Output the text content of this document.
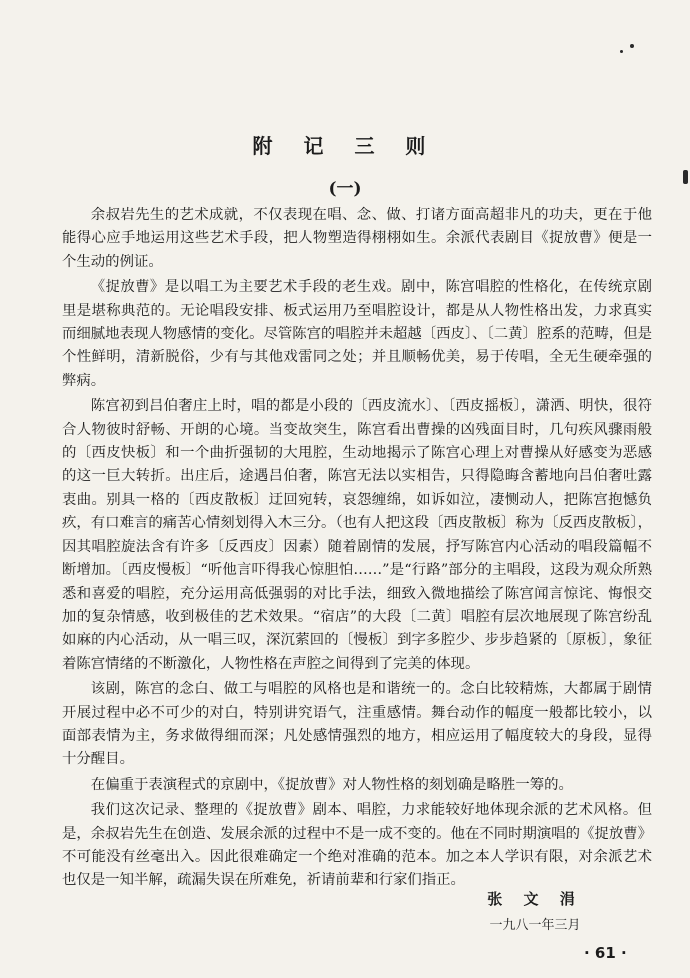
附 记 三 则
(一)

余叔岩先生的艺术成就，不仅表现在唱、念、做、打诸方面高超非凡的功夫，更在于他能得心应手地运用这些艺术手段，把人物塑造得栩栩如生。余派代表剧目《捉放曹》便是一个生动的例证。

《捉放曹》是以唱工为主要艺术手段的老生戏。剧中，陈宫唱腔的性格化，在传统京剧里是堪称典范的。无论唱段安排、板式运用乃至唱腔设计，都是从人物性格出发，力求真实而细腻地表现人物感情的变化。尽管陈宫的唱腔并未超越〔西皮〕、〔二黄〕腔系的范畴，但是个性鲜明，清新脱俗，少有与其他戏雷同之处；并且顺畅优美，易于传唱，全无生硬牵强的弊病。

陈宫初到吕伯奢庄上时，唱的都是小段的〔西皮流水〕、〔西皮摇板〕，潇洒、明快，很符合人物彼时舒畅、开朗的心境。当变故突生，陈宫看出曹操的凶残面目时，几句疾风骤雨般的〔西皮快板〕和一个曲折强韧的大甩腔，生动地揭示了陈宫心理上对曹操从好感变为恶感的这一巨大转折。出庄后，途遇吕伯奢，陈宫无法以实相告，只得隐晦含蓄地向吕伯奢吐露衷曲。别具一格的〔西皮散板〕迂回宛转，哀怨缠绵，如诉如泣，凄恻动人，把陈宫抱憾负疚，有口难言的痛苦心情刻划得入木三分。（也有人把这段〔西皮散板〕称为〔反西皮散板〕，因其唱腔旋法含有许多〔反西皮〕因素）随着剧情的发展，抒写陈宫内心活动的唱段篇幅不断增加。〔西皮慢板〕“听他言吓得我心惊胆怕……”是“行路”部分的主唱段，这段为观众所熟悉和喜爱的唱腔，充分运用高低强弱的对比手法，细致入微地描绘了陈宫闻言惊诧、悔恨交加的复杂情感，收到极佳的艺术效果。“宿店”的大段〔二黄〕唱腔有层次地展现了陈宫纷乱如麻的内心活动，从一唱三叹，深沉萦回的〔慢板〕到字多腔少、步步趋紧的〔原板〕，象征着陈宫情绪的不断激化，人物性格在声腔之间得到了完美的体现。

该剧，陈宫的念白、做工与唱腔的风格也是和谐统一的。念白比较精炼，大都属于剧情开展过程中必不可少的对白，特别讲究语气，注重感情。舞台动作的幅度一般都比较小，以面部表情为主，务求做得细而深；凡处感情强烈的地方，相应运用了幅度较大的身段，显得十分醒目。

在偏重于表演程式的京剧中，《捉放曹》对人物性格的刻划确是略胜一筹的。

我们这次记录、整理的《捉放曹》剧本、唱腔，力求能较好地体现余派的艺术风格。但是，余叔岩先生在创造、发展余派的过程中不是一成不变的。他在不同时期演唱的《捉放曹》不可能没有丝毫出入。因此很难确定一个绝对准确的范本。加之本人学识有限，对余派艺术也仅是一知半解，疏漏失误在所难免，祈请前辈和行家们指正。

张 文 涓
一九八一年三月
· 61 ·
